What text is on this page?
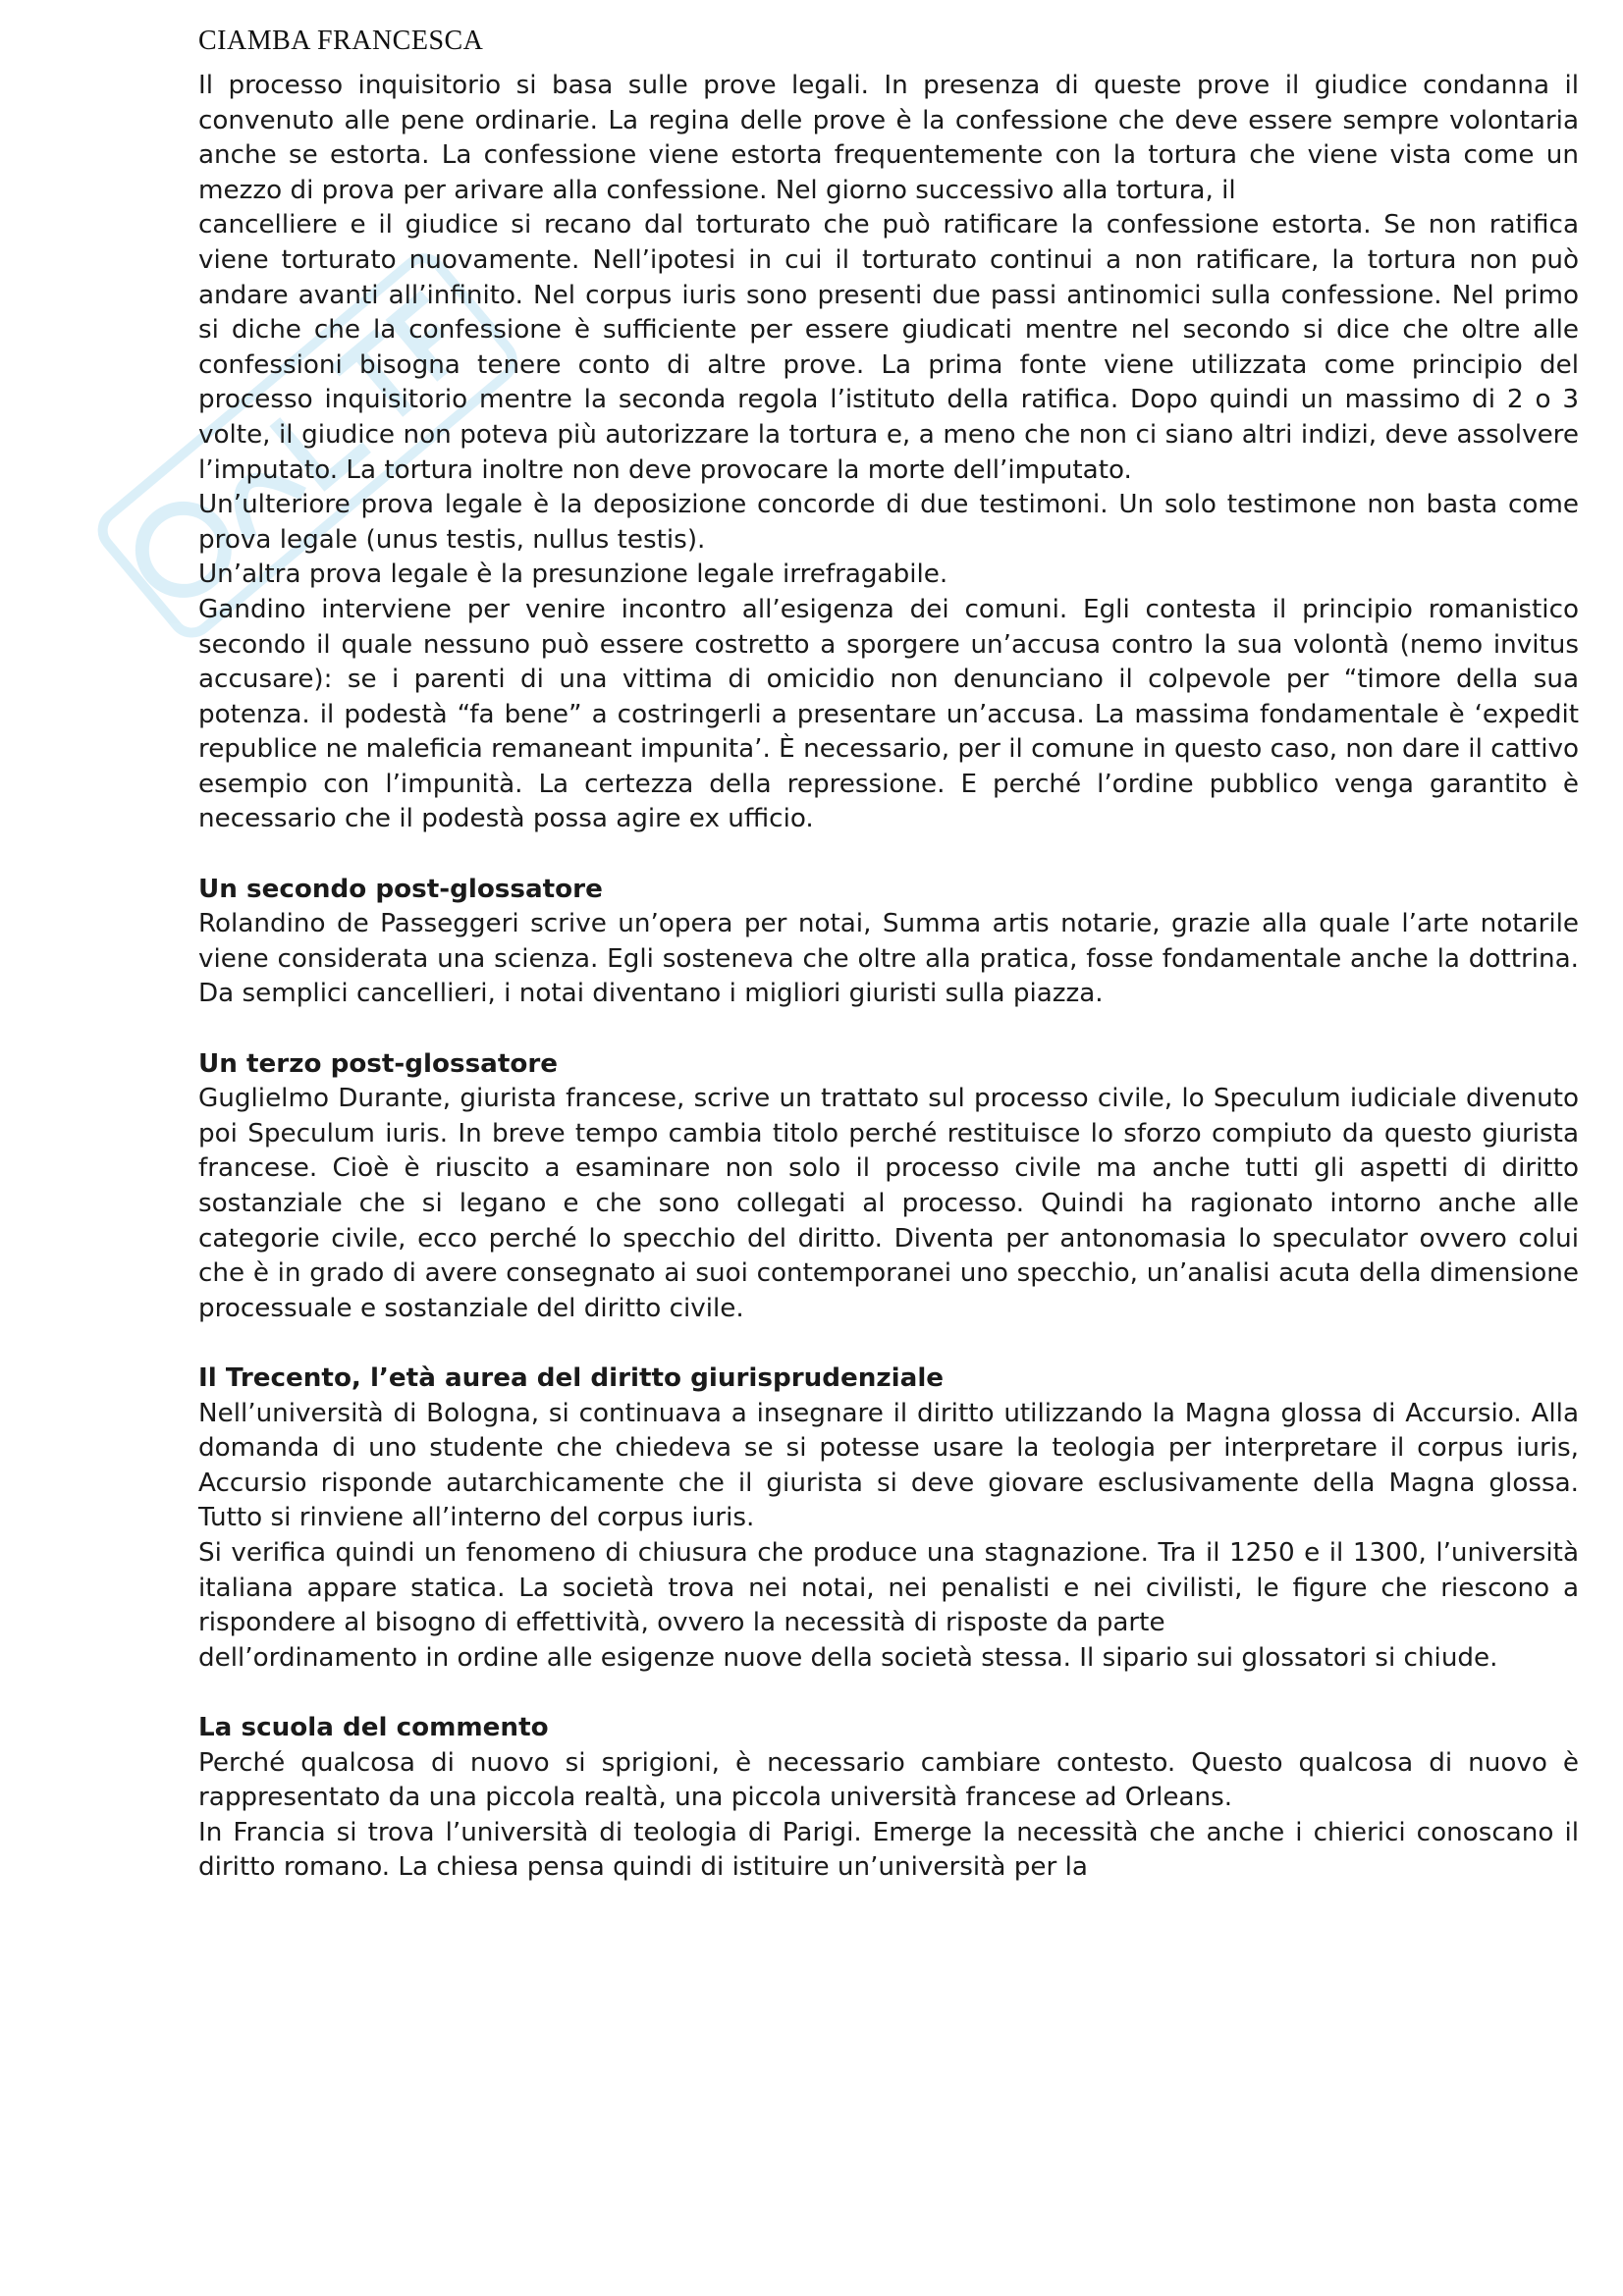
CIAMBA FRANCESCA

Il processo inquisitorio si basa sulle prove legali. In presenza di queste prove il giudice condanna il convenuto alle pene ordinarie. La regina delle prove è la confessione che deve essere sempre volontaria anche se estorta. La confessione viene estorta frequentemente con la tortura che viene vista come un mezzo di prova per arivare alla confessione. Nel giorno successivo alla tortura, il

cancelliere e il giudice si recano dal torturato che può ratificare la confessione estorta. Se non ratifica viene torturato nuovamente. Nell’ipotesi in cui il torturato continui a non ratificare, la tortura non può andare avanti all’infinito. Nel corpus iuris sono presenti due passi antinomici sulla confessione. Nel primo si diche che la confessione è sufficiente per essere giudicati mentre nel secondo si dice che oltre alle confessioni bisogna tenere conto di altre prove. La prima fonte viene utilizzata come principio del processo inquisitorio mentre la seconda regola l’istituto della ratifica. Dopo quindi un massimo di 2 o 3 volte, il giudice non poteva più autorizzare la tortura e, a meno che non ci siano altri indizi, deve assolvere l’imputato. La tortura inoltre non deve provocare la morte dell’imputato.

Un’ulteriore prova legale è la deposizione concorde di due testimoni. Un solo testimone non basta come prova legale (unus testis, nullus testis).

Un’altra prova legale è la presunzione legale irrefragabile.

Gandino interviene per venire incontro all’esigenza dei comuni. Egli contesta il principio romanistico secondo il quale nessuno può essere costretto a sporgere un’accusa contro la sua volontà (nemo invitus accusare): se i parenti di una vittima di omicidio non denunciano il colpevole per “timore della sua potenza. il podestà “fa bene” a costringerli a presentare un’accusa. La massima fondamentale è ‘expedit republice ne maleficia remaneant impunita’. È necessario, per il comune in questo caso, non dare il cattivo esempio con l’impunità. La certezza della repressione. E perché l’ordine pubblico venga garantito è necessario che il podestà possa agire ex ufficio.

Un secondo post-glossatore

Rolandino de Passeggeri scrive un’opera per notai, Summa artis notarie, grazie alla quale l’arte notarile viene considerata una scienza. Egli sosteneva che oltre alla pratica, fosse fondamentale anche la dottrina. Da semplici cancellieri, i notai diventano i migliori giuristi sulla piazza.

Un terzo post-glossatore

Guglielmo Durante, giurista francese, scrive un trattato sul processo civile, lo Speculum iudiciale divenuto poi Speculum iuris. In breve tempo cambia titolo perché restituisce lo sforzo compiuto da questo giurista francese. Cioè è riuscito a esaminare non solo il processo civile ma anche tutti gli aspetti di diritto sostanziale che si legano e che sono collegati al processo. Quindi ha ragionato intorno anche alle categorie civile, ecco perché lo specchio del diritto. Diventa per antonomasia lo speculator ovvero colui che è in grado di avere consegnato ai suoi contemporanei uno specchio, un’analisi acuta della dimensione processuale e sostanziale del diritto civile.

Il Trecento, l’età aurea del diritto giurisprudenziale

Nell’università di Bologna, si continuava a insegnare il diritto utilizzando la Magna glossa di Accursio. Alla domanda di uno studente che chiedeva se si potesse usare la teologia per interpretare il corpus iuris, Accursio risponde autarchicamente che il giurista si deve giovare esclusivamente della Magna glossa. Tutto si rinviene all’interno del corpus iuris.

Si verifica quindi un fenomeno di chiusura che produce una stagnazione. Tra il 1250 e il 1300, l’università italiana appare statica. La società trova nei notai, nei penalisti e nei civilisti, le figure che riescono a rispondere al bisogno di effettività, ovvero la necessità di risposte da parte

dell’ordinamento in ordine alle esigenze nuove della società stessa. Il sipario sui glossatori si chiude.

La scuola del commento

Perché qualcosa di nuovo si sprigioni, è necessario cambiare contesto. Questo qualcosa di nuovo è rappresentato da una piccola realtà, una piccola università francese ad Orleans.

In Francia si trova l’università di teologia di Parigi. Emerge la necessità che anche i chierici conoscano il diritto romano. La chiesa pensa quindi di istituire un’università per la
